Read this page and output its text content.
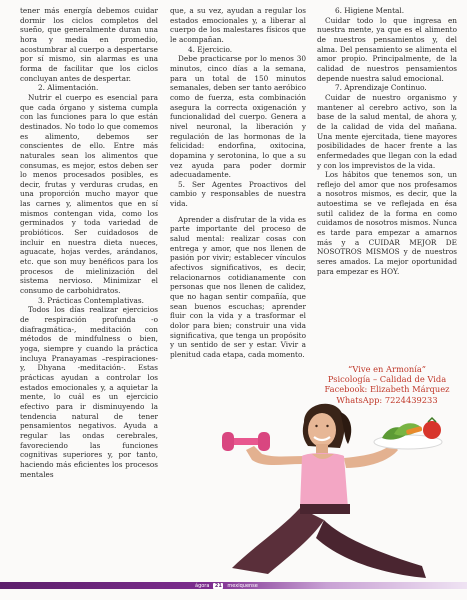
tener más energía debemos cuidar dormir los ciclos completos del sueño, que generalmente duran una hora y media en promedio, acostumbrar al cuerpo a despertarse por sí mismo, sin alarmas es una forma de facilitar que los ciclos concluyan antes de despertar.

2. Alimentación.

Nutrir el cuerpo es esencial para que cada órgano y sistema cumpla con las funciones para lo que están destinados. No todo lo que comemos es alimento, debemos ser conscientes de ello. Entre más naturales sean los alimentos que consumas, es mejor, estos deben ser lo menos procesados posibles, es decir, frutas y verduras crudas, en una proporción mucho mayor que las carnes y, alimentos que en sí mismos contengan vida, como los germinados y toda variedad de probióticos. Ser cuidadosos de incluir en nuestra dieta nueces, aguacate, hojas verdes, arándanos, etc. que son muy benéficos para los procesos de mielinización del sistema nervioso. Minimizar el consumo de carbohidratos.

3. Prácticas Contemplativas.

Todos los días realizar ejercicios de respiración profunda -o diafragmática-, meditación con métodos de mindfulness o bien, yoga, siempre y cuando la práctica incluya Pranayamas –respiraciones- y, Dhyana -meditación-. Estas prácticas ayudan a controlar los estados emocionales y, a aquietar la mente, lo cuál es un ejercicio efectivo para ir disminuyendo la tendencia natural de tener pensamientos negativos. Ayuda a regular las ondas cerebrales, favoreciendo las funciones cognitivas superiores y, por tanto, haciendo más eficientes los procesos mentales

que, a su vez, ayudan a regular los estados emocionales y, a liberar al cuerpo de los malestares físicos que le acompañan.

4. Ejercicio.

Debe practicarse por lo menos 30 minutos, cinco días a la semana, para un total de 150 minutos semanales, deben ser tanto aeróbico como de fuerza, esta combinación asegura la correcta oxigenación y funcionalidad del cuerpo. Genera a nivel neuronal, la liberación y regulación de las hormonas de la felicidad: endorfina, oxitocina, dopamina y serotonina, lo que a su vez ayuda para poder dormir adecuadamente.

5. Ser Agentes Proactivos del cambio y responsables de nuestra vida.

Aprender a disfrutar de la vida es parte importante del proceso de salud mental: realizar cosas con entrega y amor, que nos llenen de pasión por vivir; establecer vínculos afectivos significativos, es decir, relacionarnos cotidianamente con personas que nos llenen de calidez, que no hagan sentir compañía, que sean buenos escuchas; aprender fluir con la vida y a trasformar el dolor para bien; construir una vida significativa, que tenga un propósito y un sentido de ser y estar. Vivir a plenitud cada etapa, cada momento.

6. Higiene Mental.

Cuidar todo lo que ingresa en nuestra mente, ya que es el alimento de nuestros pensamientos y, del alma. Del pensamiento se alimenta el amor propio. Principalmente, de la calidad de nuestros pensamientos depende nuestra salud emocional.

7. Aprendizaje Continuo.

Cuidar de nuestro organismo y mantener al cerebro activo, son la base de la salud mental, de ahora y, de la calidad de vida del mañana. Una mente ejercitada, tiene mayores posibilidades de hacer frente a las enfermedades que llegan con la edad y con los imprevistos de la vida.

Los hábitos que tenemos son, un reflejo del amor que nos profesamos a nosotros mismos, es decir, que la autoestima se ve reflejada en ésa sutil calidez de la forma en como cuidamos de nosotros mismos. Nunca es tarde para empezar a amarnos más y a CUIDAR MEJOR DE NOSOTROS MISMOS y de nuestros seres amados. La mejor oportunidad para empezar es HOY.

“Vive en Armonía”
Psicología – Calidad de Vida
Facebook: Elizabeth Márquez
WhatsApp: 7224439233
ágora	21	mexiquense
